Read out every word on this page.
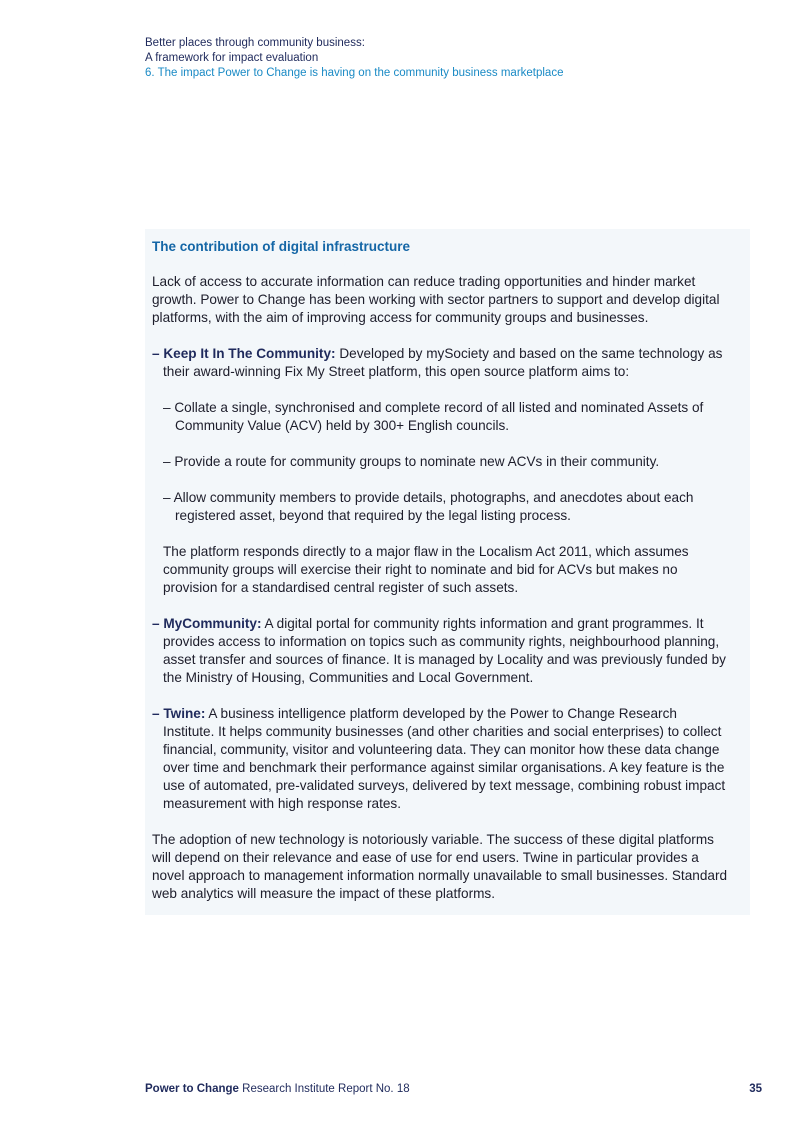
Better places through community business:
A framework for impact evaluation
6. The impact Power to Change is having on the community business marketplace
The contribution of digital infrastructure

Lack of access to accurate information can reduce trading opportunities and hinder market growth. Power to Change has been working with sector partners to support and develop digital platforms, with the aim of improving access for community groups and businesses.

– Keep It In The Community: Developed by mySociety and based on the same technology as their award-winning Fix My Street platform, this open source platform aims to:

– Collate a single, synchronised and complete record of all listed and nominated Assets of Community Value (ACV) held by 300+ English councils.

– Provide a route for community groups to nominate new ACVs in their community.

– Allow community members to provide details, photographs, and anecdotes about each registered asset, beyond that required by the legal listing process.

The platform responds directly to a major flaw in the Localism Act 2011, which assumes community groups will exercise their right to nominate and bid for ACVs but makes no provision for a standardised central register of such assets.

– MyCommunity: A digital portal for community rights information and grant programmes. It provides access to information on topics such as community rights, neighbourhood planning, asset transfer and sources of finance. It is managed by Locality and was previously funded by the Ministry of Housing, Communities and Local Government.

– Twine: A business intelligence platform developed by the Power to Change Research Institute. It helps community businesses (and other charities and social enterprises) to collect financial, community, visitor and volunteering data. They can monitor how these data change over time and benchmark their performance against similar organisations. A key feature is the use of automated, pre-validated surveys, delivered by text message, combining robust impact measurement with high response rates.

The adoption of new technology is notoriously variable. The success of these digital platforms will depend on their relevance and ease of use for end users. Twine in particular provides a novel approach to management information normally unavailable to small businesses. Standard web analytics will measure the impact of these platforms.

Power to Change Research Institute Report No. 18	35
